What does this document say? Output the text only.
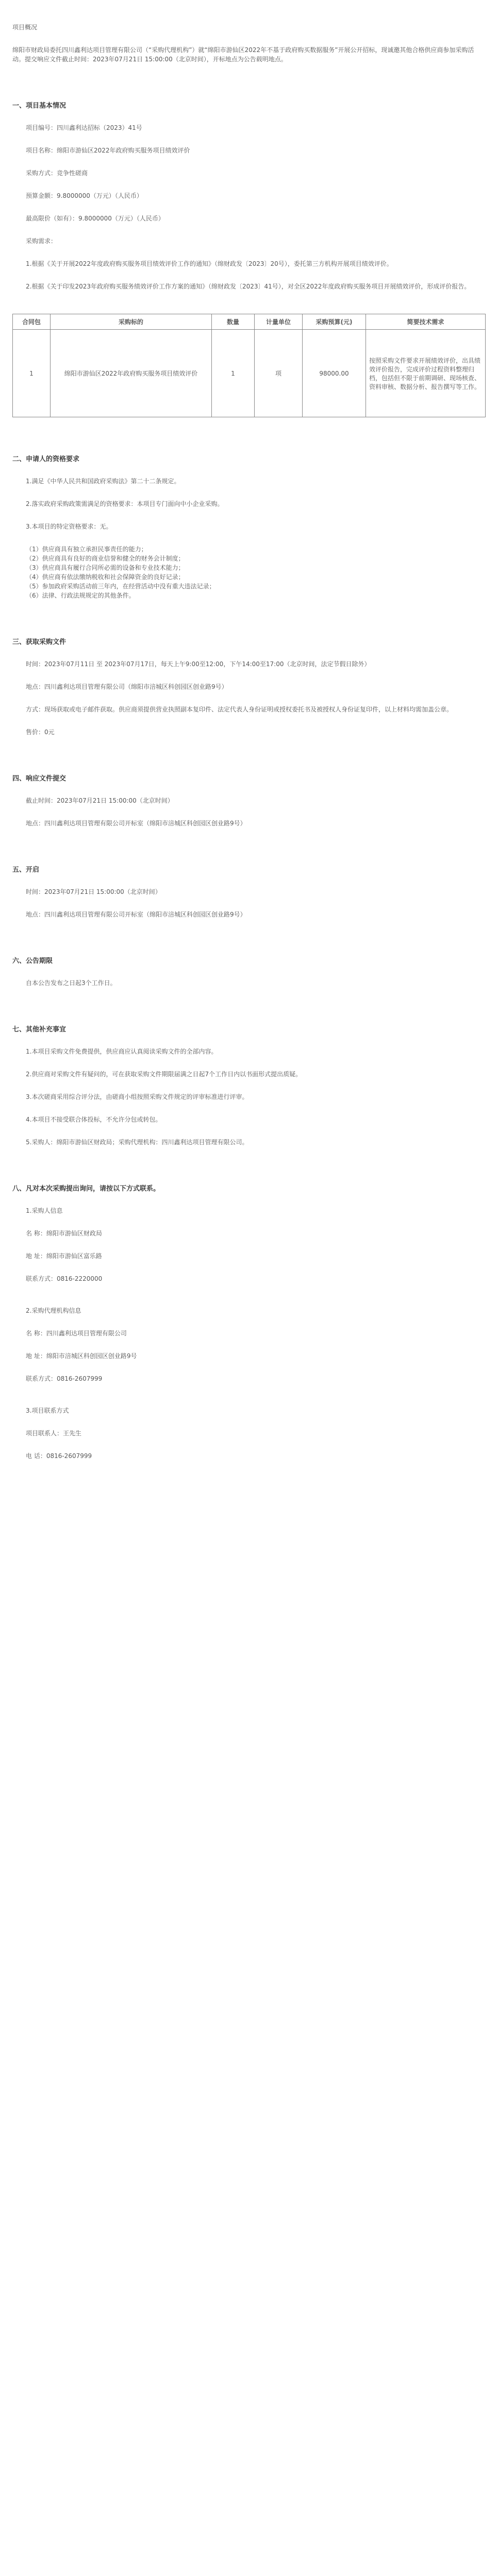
项目概况

绵阳市财政局委托四川鑫利达项目管理有限公司（“采购代理机构”）就“绵阳市游仙区2022年不基于政府购买数据服务”开展公开招标，现诚邀其他合格供应商参加采购活动。提交响应文件截止时间：2023年07月21日 15:00:00（北京时间），开标地点为公告载明地点。

一、项目基本情况

项目编号：四川鑫利达招标（2023）41号

项目名称：绵阳市游仙区2022年政府购买服务项目绩效评价

采购方式：竞争性磋商

预算金额：9.8000000（万元）（人民币）

最高限价（如有）：9.8000000（万元）（人民币）

采购需求：

1.根据《关于开展2022年度政府购买服务项目绩效评价工作的通知》（绵财政发〔2023〕20号），委托第三方机构开展项目绩效评价。

2.根据《关于印发2023年政府购买服务绩效评价工作方案的通知》（绵财政发〔2023〕41号），对全区2022年度政府购买服务项目开展绩效评价，形成评价报告。

合同包	采购标的	数量	计量单位	采购预算(元)	简要技术需求
1	绵阳市游仙区2022年政府购买服务项目绩效评价	1	项	98000.00	按照采购文件要求开展绩效评价，出具绩效评价报告，完成评价过程资料整理归档，包括但不限于前期调研、现场核查、资料审核、数据分析、报告撰写等工作。

二、申请人的资格要求

1.满足《中华人民共和国政府采购法》第二十二条规定。

2.落实政府采购政策需满足的资格要求：本项目专门面向中小企业采购。

3.本项目的特定资格要求：无。

（1）供应商具有独立承担民事责任的能力；

（2）供应商具有良好的商业信誉和健全的财务会计制度；

（3）供应商具有履行合同所必需的设备和专业技术能力；

（4）供应商有依法缴纳税收和社会保障资金的良好记录；

（5）参加政府采购活动前三年内，在经营活动中没有重大违法记录；

（6）法律、行政法规规定的其他条件。

三、获取采购文件

时间：2023年07月11日 至 2023年07月17日，每天上午9:00至12:00，下午14:00至17:00（北京时间，法定节假日除外）

地点：四川鑫利达项目管理有限公司（绵阳市涪城区科创园区创业路9号）

方式：现场获取或电子邮件获取。供应商须提供营业执照副本复印件、法定代表人身份证明或授权委托书及被授权人身份证复印件，以上材料均需加盖公章。

售价：0元

四、响应文件提交

截止时间：2023年07月21日 15:00:00（北京时间）

地点：四川鑫利达项目管理有限公司开标室（绵阳市涪城区科创园区创业路9号）

五、开启

时间：2023年07月21日 15:00:00（北京时间）

地点：四川鑫利达项目管理有限公司开标室（绵阳市涪城区科创园区创业路9号）

六、公告期限

自本公告发布之日起3个工作日。

七、其他补充事宜

1.本项目采购文件免费提供，供应商应认真阅读采购文件的全部内容。

2.供应商对采购文件有疑问的，可在获取采购文件期限届满之日起7个工作日内以书面形式提出质疑。

3.本次磋商采用综合评分法，由磋商小组按照采购文件规定的评审标准进行评审。

4.本项目不接受联合体投标，不允许分包或转包。

5.采购人：绵阳市游仙区财政局；采购代理机构：四川鑫利达项目管理有限公司。

八、凡对本次采购提出询问，请按以下方式联系。

1.采购人信息

名 称：绵阳市游仙区财政局

地 址：绵阳市游仙区富乐路

联系方式：0816-2220000

2.采购代理机构信息

名 称：四川鑫利达项目管理有限公司

地 址：绵阳市涪城区科创园区创业路9号

联系方式：0816-2607999

3.项目联系方式

项目联系人：王先生

电 话：0816-2607999
